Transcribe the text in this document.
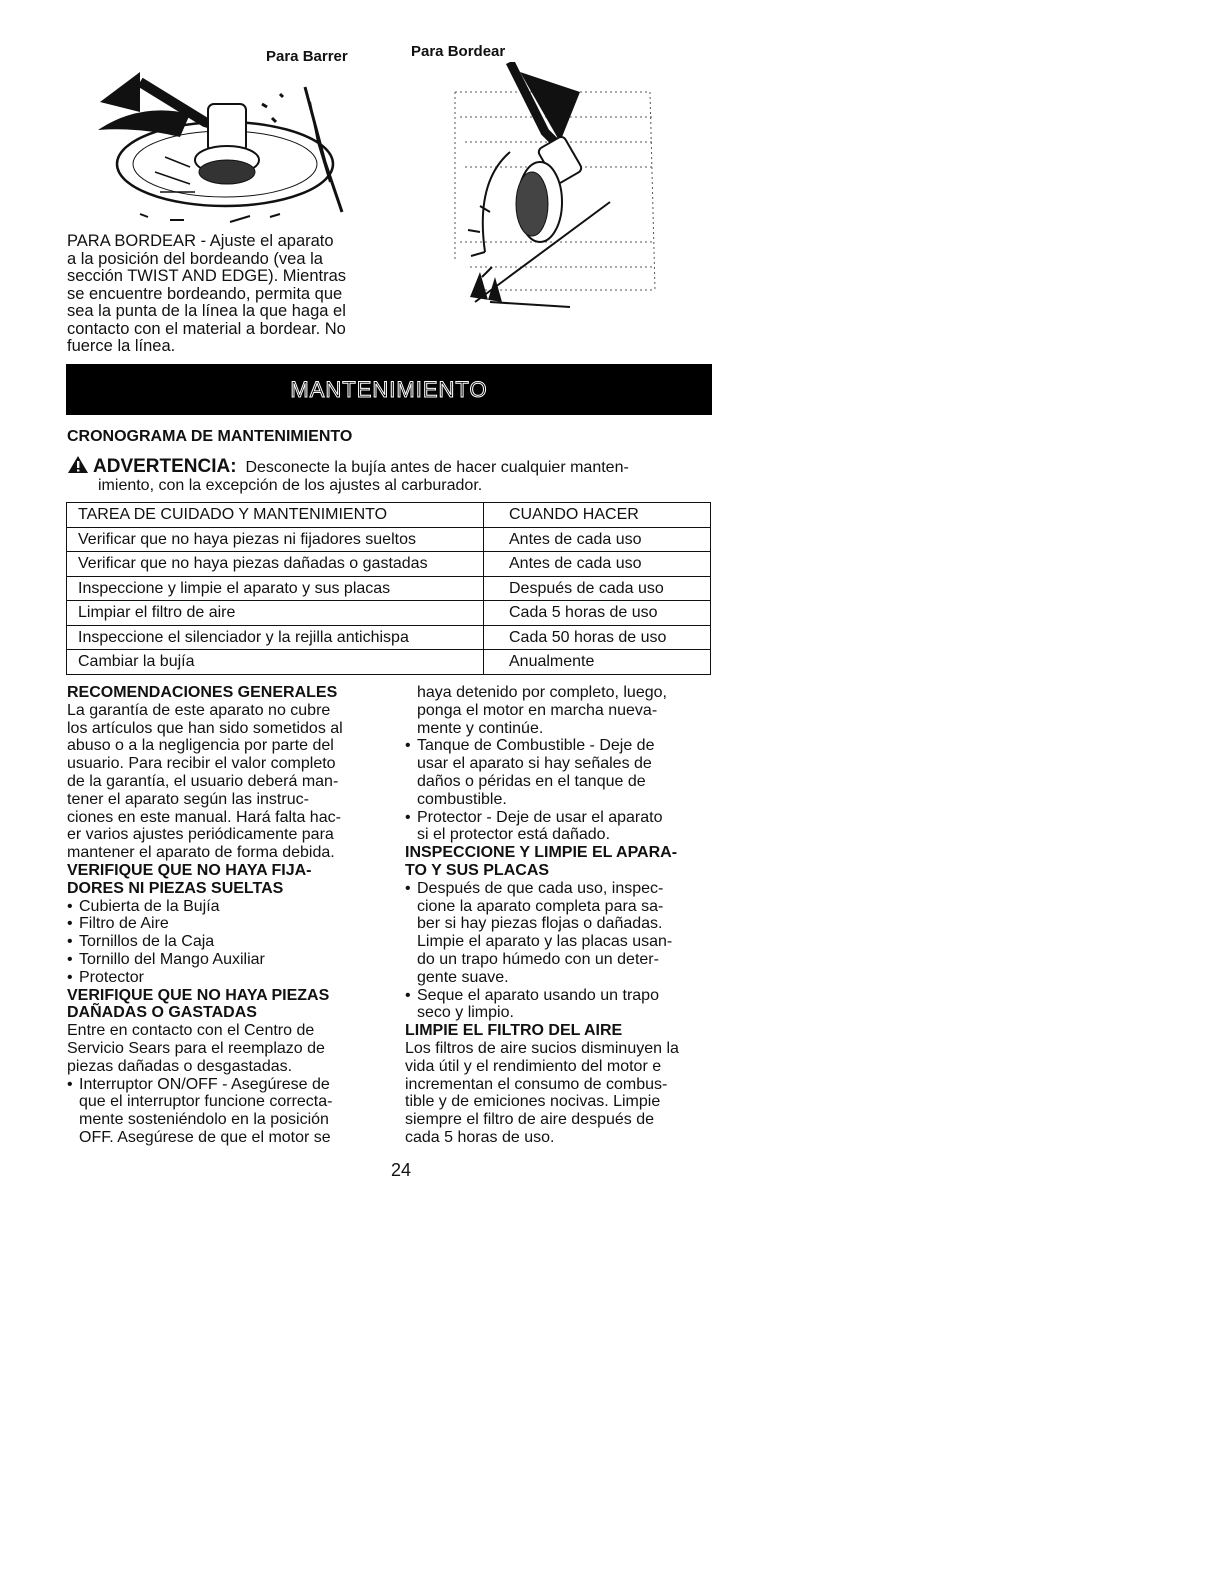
Para Barrer	Para Bordear
PARA BORDEAR - Ajuste el aparato
a la posición del bordeando (vea la
sección TWIST AND EDGE). Mientras
se encuentre bordeando, permita que
sea la punta de la línea la que haga el
contacto con el material a bordear. No
fuerce la línea.
MANTENIMIENTO
CRONOGRAMA DE MANTENIMIENTO
ADVERTENCIA: Desconecte la bujía antes de hacer cualquier manten-
imiento, con la excepción de los ajustes al carburador.
TAREA DE CUIDADO Y MANTENIMIENTO	CUANDO HACER
Verificar que no haya piezas ni fijadores sueltos	Antes de cada uso
Verificar que no haya piezas dañadas o gastadas	Antes de cada uso
Inspeccione y limpie el aparato y sus placas	Después de cada uso
Limpiar el filtro de aire	Cada 5 horas de uso
Inspeccione el silenciador y la rejilla antichispa	Cada 50 horas de uso
Cambiar la bujía	Anualmente
RECOMENDACIONES GENERALES
La garantía de este aparato no cubre
los artículos que han sido sometidos al
abuso o a la negligencia por parte del
usuario. Para recibir el valor completo
de la garantía, el usuario deberá man-
tener el aparato según las instruc-
ciones en este manual. Hará falta hac-
er varios ajustes periódicamente para
mantener el aparato de forma debida.
VERIFIQUE QUE NO HAYA FIJA-
DORES NI PIEZAS SUELTAS
• Cubierta de la Bujía
• Filtro de Aire
• Tornillos de la Caja
• Tornillo del Mango Auxiliar
• Protector
VERIFIQUE QUE NO HAYA PIEZAS
DAÑADAS O GASTADAS
Entre en contacto con el Centro de
Servicio Sears para el reemplazo de
piezas dañadas o desgastadas.
• Interruptor ON/OFF - Asegúrese de
que el interruptor funcione correcta-
mente sosteniéndolo en la posición
OFF. Asegúrese de que el motor se
haya detenido por completo, luego,
ponga el motor en marcha nueva-
mente y continúe.
• Tanque de Combustible - Deje de
usar el aparato si hay señales de
daños o péridas en el tanque de
combustible.
• Protector - Deje de usar el aparato
si el protector está dañado.
INSPECCIONE Y LIMPIE EL APARA-
TO Y SUS PLACAS
• Después de que cada uso, inspec-
cione la aparato completa para sa-
ber si hay piezas flojas o dañadas.
Limpie el aparato y las placas usan-
do un trapo húmedo con un deter-
gente suave.
• Seque el aparato usando un trapo
seco y limpio.
LIMPIE EL FILTRO DEL AIRE
Los filtros de aire sucios disminuyen la
vida útil y el rendimiento del motor e
incrementan el consumo de combus-
tible y de emiciones nocivas. Limpie
siempre el filtro de aire después de
cada 5 horas de uso.
24
